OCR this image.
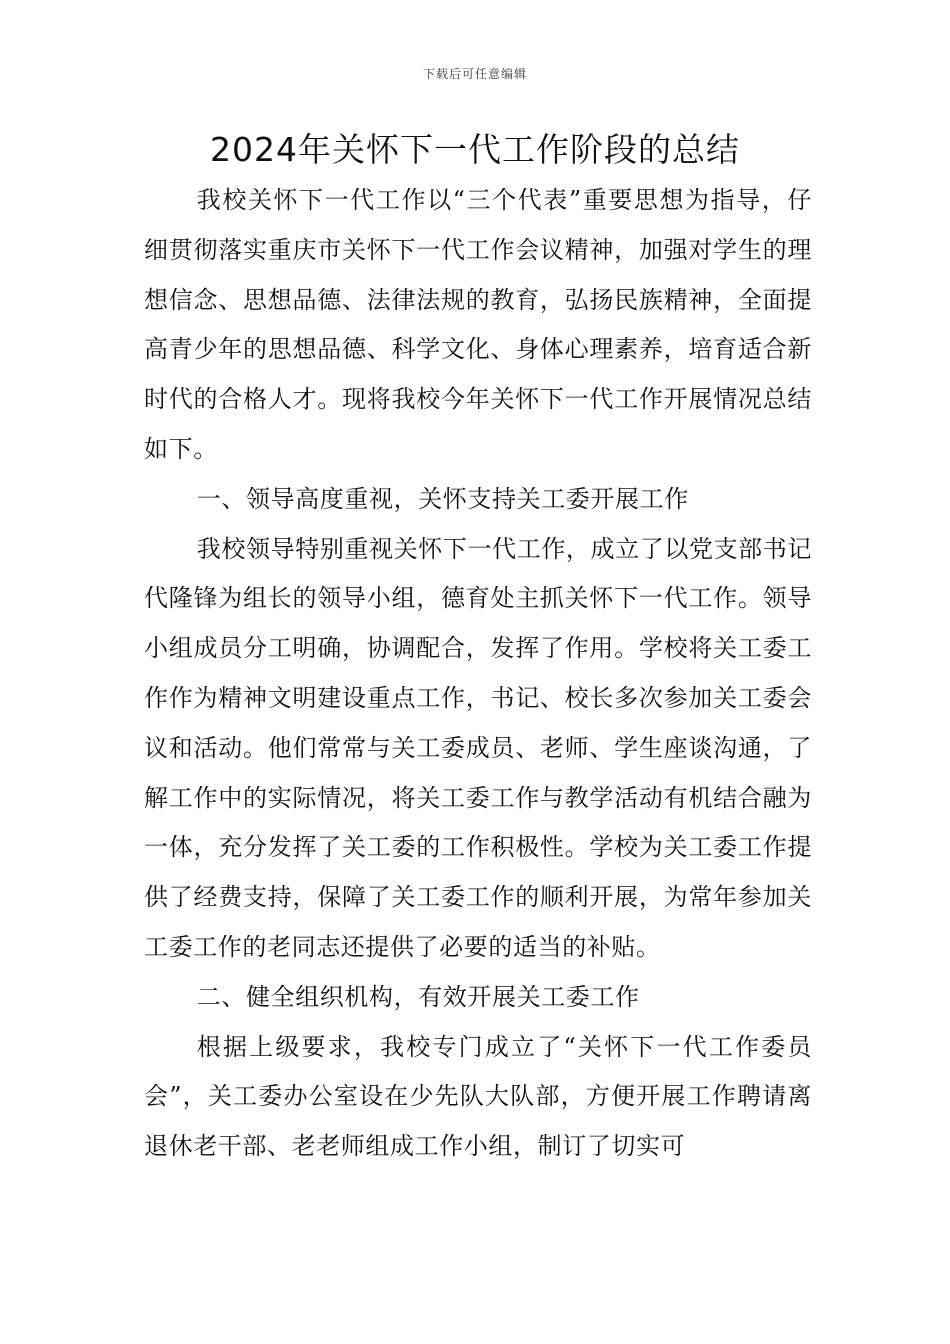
下载后可任意编辑
2024年关怀下一代工作阶段的总结

我校关怀下一代工作以“三个代表”重要思想为指导，仔细贯彻落实重庆市关怀下一代工作会议精神，加强对学生的理想信念、思想品德、法律法规的教育，弘扬民族精神，全面提高青少年的思想品德、科学文化、身体心理素养，培育适合新时代的合格人才。现将我校今年关怀下一代工作开展情况总结如下。

一、领导高度重视，关怀支持关工委开展工作

我校领导特别重视关怀下一代工作，成立了以党支部书记代隆锋为组长的领导小组，德育处主抓关怀下一代工作。领导小组成员分工明确，协调配合，发挥了作用。学校将关工委工作作为精神文明建设重点工作，书记、校长多次参加关工委会议和活动。他们常常与关工委成员、老师、学生座谈沟通，了解工作中的实际情况，将关工委工作与教学活动有机结合融为一体，充分发挥了关工委的工作积极性。学校为关工委工作提供了经费支持，保障了关工委工作的顺利开展，为常年参加关工委工作的老同志还提供了必要的适当的补贴。

二、健全组织机构，有效开展关工委工作

根据上级要求，我校专门成立了“关怀下一代工作委员会”，关工委办公室设在少先队大队部，方便开展工作聘请离退休老干部、老老师组成工作小组，制订了切实可
